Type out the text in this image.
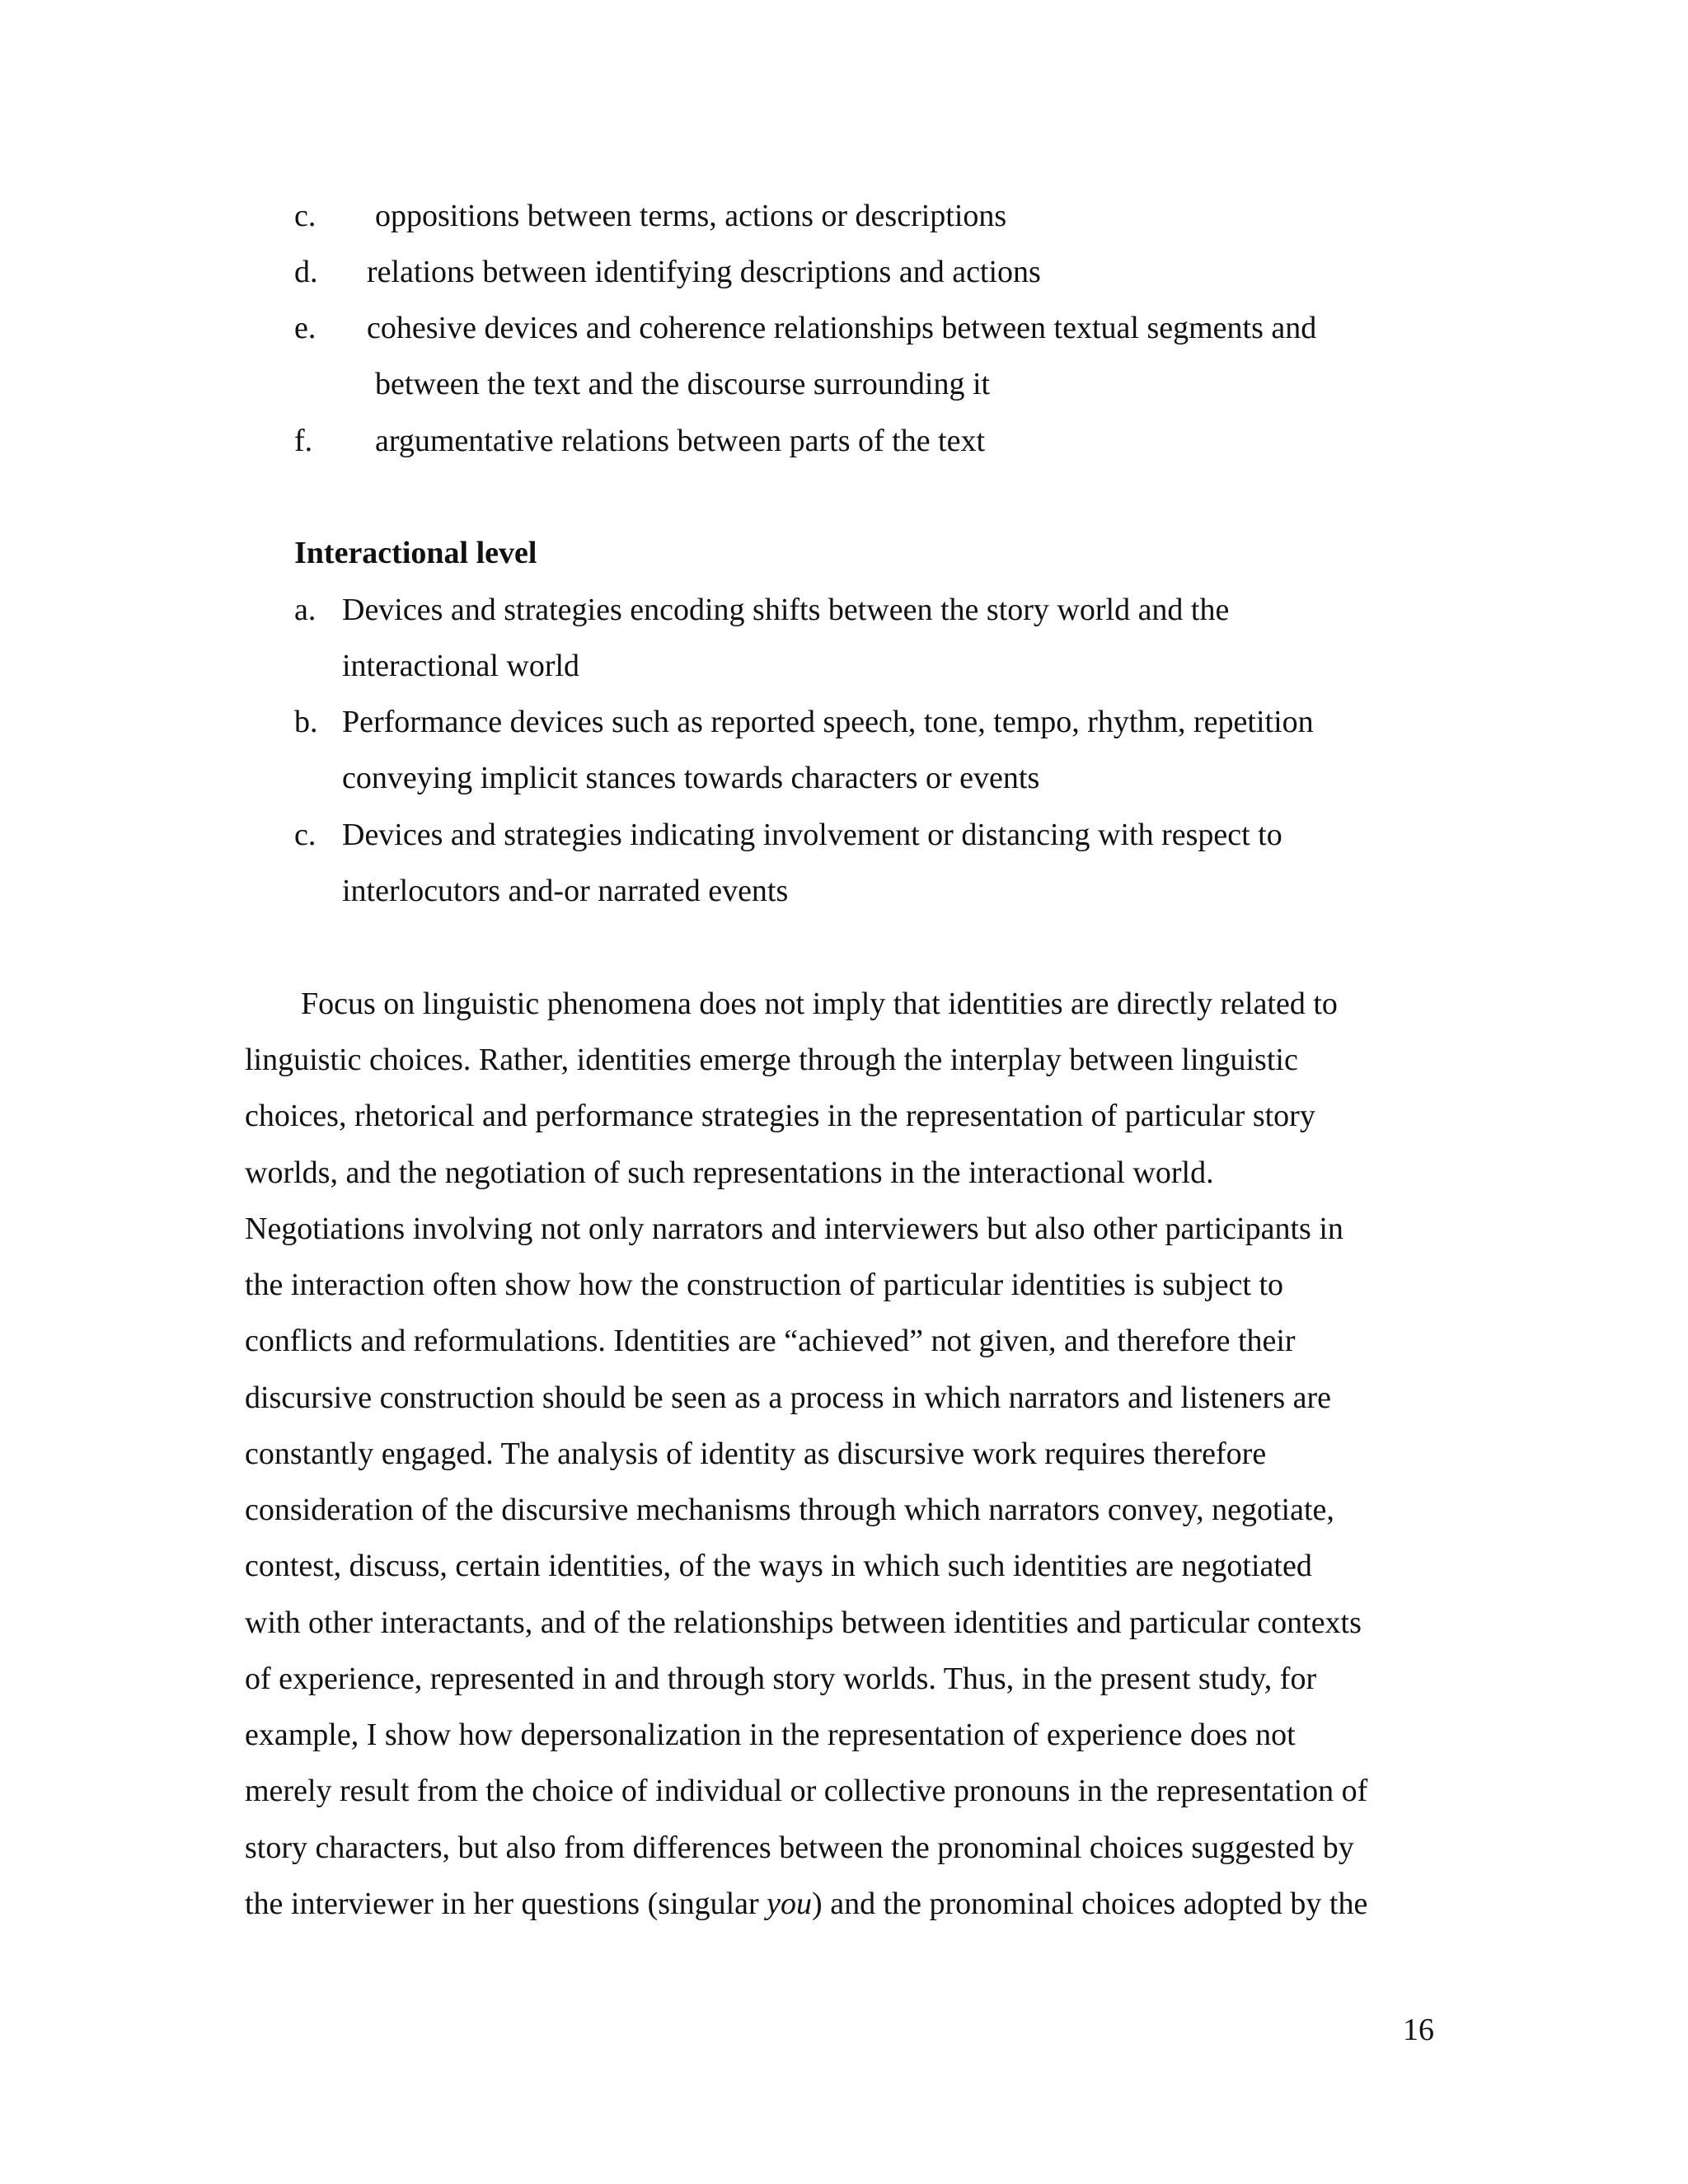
c. oppositions between terms, actions or descriptions
d. relations between identifying descriptions and actions
e. cohesive devices and coherence relationships between textual segments and
between the text and the discourse surrounding it
f. argumentative relations between parts of the text
Interactional level
a. Devices and strategies encoding shifts between the story world and the
interactional world
b. Performance devices such as reported speech, tone, tempo, rhythm, repetition
conveying implicit stances towards characters or events
c. Devices and strategies indicating involvement or distancing with respect to
interlocutors and-or narrated events
Focus on linguistic phenomena does not imply that identities are directly related to
linguistic choices. Rather, identities emerge through the interplay between linguistic
choices, rhetorical and performance strategies in the representation of particular story
worlds, and the negotiation of such representations in the interactional world.
Negotiations involving not only narrators and interviewers but also other participants in
the interaction often show how the construction of particular identities is subject to
conflicts and reformulations. Identities are “achieved” not given, and therefore their
discursive construction should be seen as a process in which narrators and listeners are
constantly engaged. The analysis of identity as discursive work requires therefore
consideration of the discursive mechanisms through which narrators convey, negotiate,
contest, discuss, certain identities, of the ways in which such identities are negotiated
with other interactants, and of the relationships between identities and particular contexts
of experience, represented in and through story worlds. Thus, in the present study, for
example, I show how depersonalization in the representation of experience does not
merely result from the choice of individual or collective pronouns in the representation of
story characters, but also from differences between the pronominal choices suggested by
the interviewer in her questions (singular you) and the pronominal choices adopted by the
16
